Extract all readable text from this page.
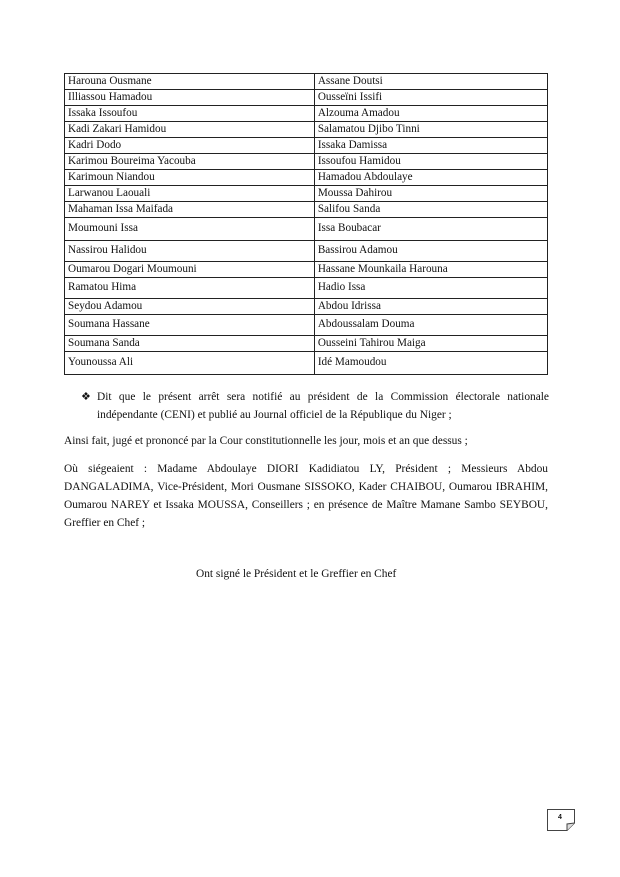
Harouna Ousmane	Assane Doutsi
Illiassou Hamadou	Ousseïni Issifi
Issaka Issoufou	Alzouma Amadou
Kadi Zakari Hamidou	Salamatou Djibo Tinni
Kadri Dodo	Issaka Damissa
Karimou Boureima Yacouba	Issoufou Hamidou
Karimoun Niandou	Hamadou Abdoulaye
Larwanou Laouali	Moussa Dahirou
Mahaman Issa Maifada	Salifou Sanda
Moumouni Issa	Issa Boubacar
Nassirou Halidou	Bassirou Adamou
Oumarou Dogari Moumouni	Hassane Mounkaila Harouna
Ramatou Hima	Hadio Issa
Seydou Adamou	Abdou Idrissa
Soumana Hassane	Abdoussalam Douma
Soumana Sanda	Ousseini Tahirou Maiga
Younoussa Ali	Idé Mamoudou
❖ Dit que le présent arrêt sera notifié au président de la Commission électorale nationale indépendante (CENI) et publié au Journal officiel de la République du Niger ;
Ainsi fait, jugé et prononcé par la Cour constitutionnelle les jour, mois et an que dessus ;
Où siégeaient : Madame Abdoulaye DIORI Kadidiatou LY, Président ; Messieurs Abdou DANGALADIMA, Vice-Président, Mori Ousmane SISSOKO, Kader CHAIBOU, Oumarou IBRAHIM, Oumarou NAREY et Issaka MOUSSA, Conseillers ; en présence de Maître Mamane Sambo SEYBOU, Greffier en Chef ;
Ont signé le Président et le Greffier en Chef
4
